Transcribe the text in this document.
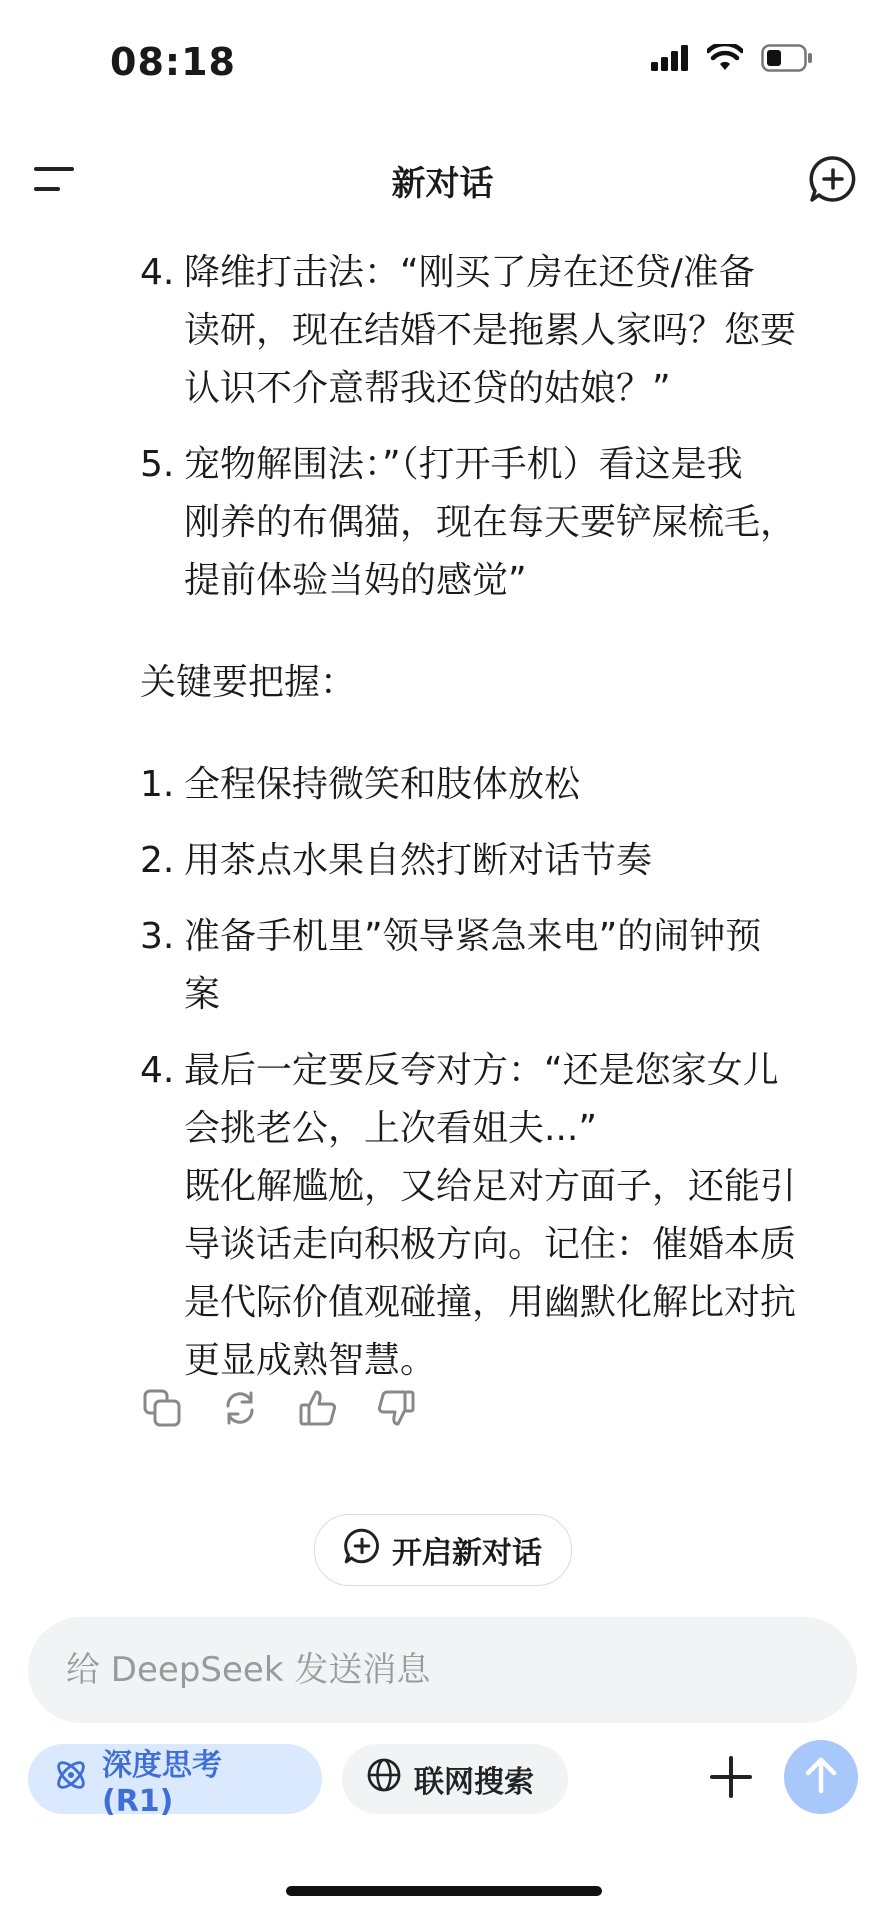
08:18
新对话
4. 降维打击法：“刚买了房在还贷/准备
读研，现在结婚不是拖累人家吗？您要
认识不介意帮我还贷的姑娘？”
5. 宠物解围法：”（打开手机）看这是我
刚养的布偶猫，现在每天要铲屎梳毛，
提前体验当妈的感觉”
关键要把握：
1. 全程保持微笑和肢体放松
2. 用茶点水果自然打断对话节奏
3. 准备手机里”领导紧急来电”的闹钟预
案
4. 最后一定要反夸对方：“还是您家女儿
会挑老公，上次看姐夫...”
既化解尴尬，又给足对方面子，还能引
导谈话走向积极方向。记住：催婚本质
是代际价值观碰撞，用幽默化解比对抗
更显成熟智慧。
开启新对话
给 DeepSeek 发送消息
深度思考 (R1)
联网搜索
